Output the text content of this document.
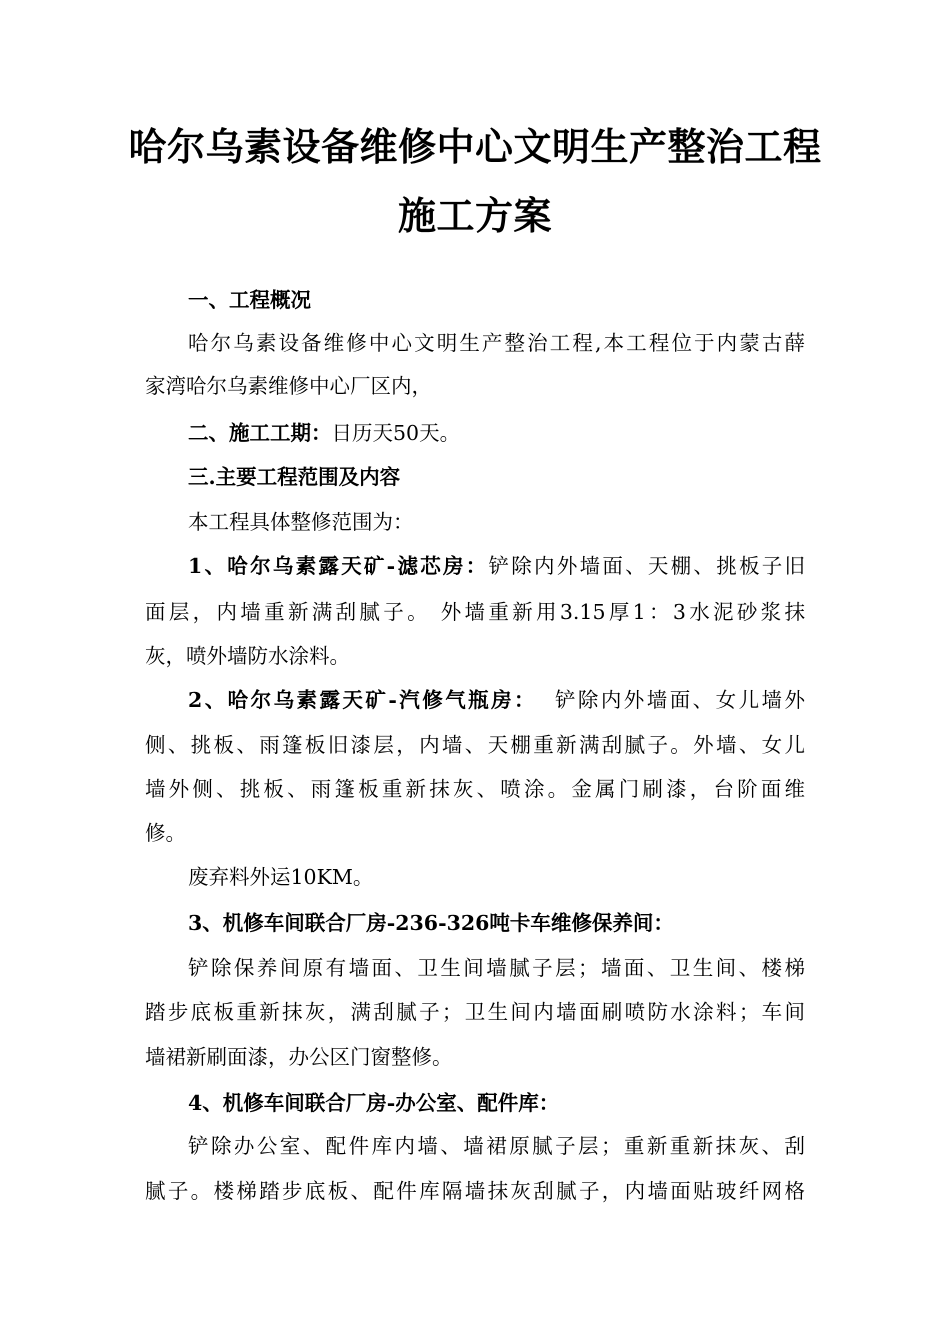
哈尔乌素设备维修中心文明生产整治工程
施工方案
一、工程概况
哈尔乌素设备维修中心文明生产整治工程,本工程位于内蒙古薛
家湾哈尔乌素维修中心厂区内，
二、施工工期：日历天50天。
三.主要工程范围及内容
本工程具体整修范围为：
1、哈尔乌素露天矿-滤芯房：铲除内外墙面、天棚、挑板子旧
面层，内墙重新满刮腻子。 外墙重新用3.15厚1：3水泥砂浆抹
灰，喷外墙防水涂料。
2、哈尔乌素露天矿-汽修气瓶房：  铲除内外墙面、女儿墙外
侧、挑板、雨篷板旧漆层，内墙、天棚重新满刮腻子。外墙、女儿
墙外侧、挑板、雨篷板重新抹灰、喷涂。金属门刷漆，台阶面维
修。
废弃料外运10KM。
3、机修车间联合厂房-236-326吨卡车维修保养间：
铲除保养间原有墙面、卫生间墙腻子层；墙面、卫生间、楼梯
踏步底板重新抹灰，满刮腻子；卫生间内墙面刷喷防水涂料；车间
墙裙新刷面漆，办公区门窗整修。
4、机修车间联合厂房-办公室、配件库：
铲除办公室、配件库内墙、墙裙原腻子层；重新重新抹灰、刮
腻子。楼梯踏步底板、配件库隔墙抹灰刮腻子，内墙面贴玻纤网格
